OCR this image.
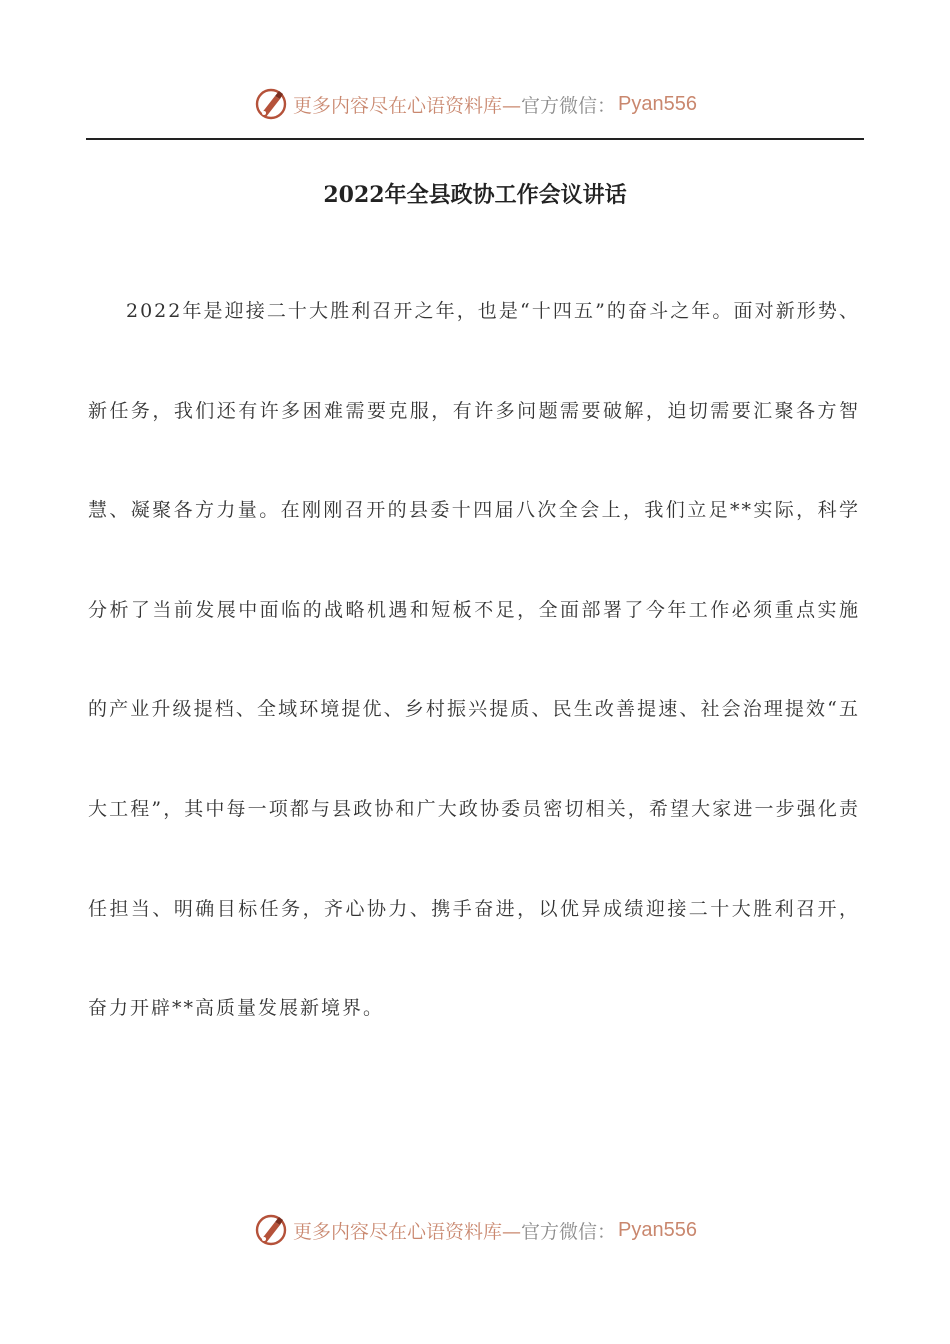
更多内容尽在心语资料库— 官方微信： Pyan556
2022年全县政协工作会议讲话

2022年是迎接二十大胜利召开之年，也是“十四五”的奋斗之年。面对新形势、新任务，我们还有许多困难需要克服，有许多问题需要破解，迫切需要汇聚各方智慧、凝聚各方力量。在刚刚召开的县委十四届八次全会上，我们立足**实际，科学分析了当前发展中面临的战略机遇和短板不足，全面部署了今年工作必须重点实施的产业升级提档、全域环境提优、乡村振兴提质、民生改善提速、社会治理提效“五大工程”，其中每一项都与县政协和广大政协委员密切相关，希望大家进一步强化责任担当、明确目标任务，齐心协力、携手奋进，以优异成绩迎接二十大胜利召开，奋力开辟**高质量发展新境界。

更多内容尽在心语资料库— 官方微信： Pyan556
